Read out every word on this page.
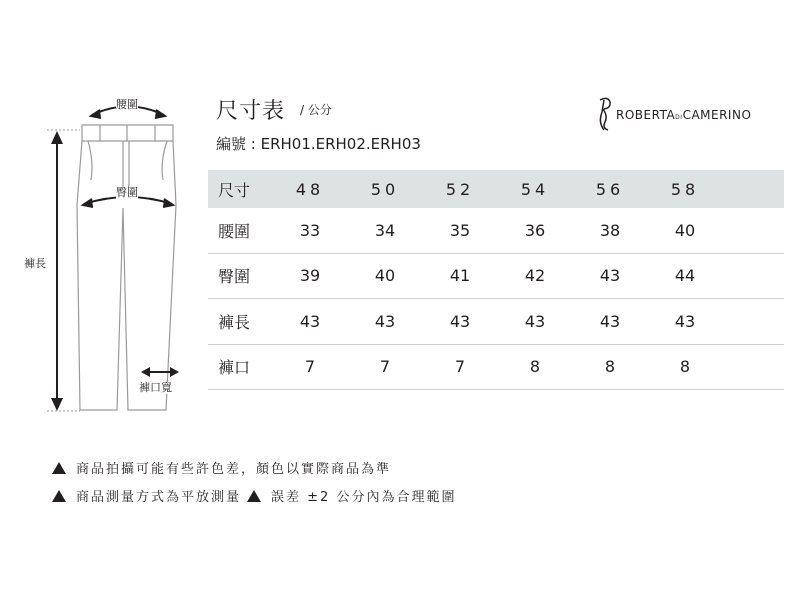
腰圍
臀圍
褲長
褲口寬
尺寸表 / 公分
編號 : ERH01.ERH02.ERH03
ROBERTADICAMERINO
尺寸	48	50	52	54	56	58
腰圍	33	34	35	36	38	40
臀圍	39	40	41	42	43	44
褲長	43	43	43	43	43	43
褲口	7	7	7	8	8	8
商品拍攝可能有些許色差，顏色以實際商品為準
商品測量方式為平放測量 誤差 ±2 公分內為合理範圍
